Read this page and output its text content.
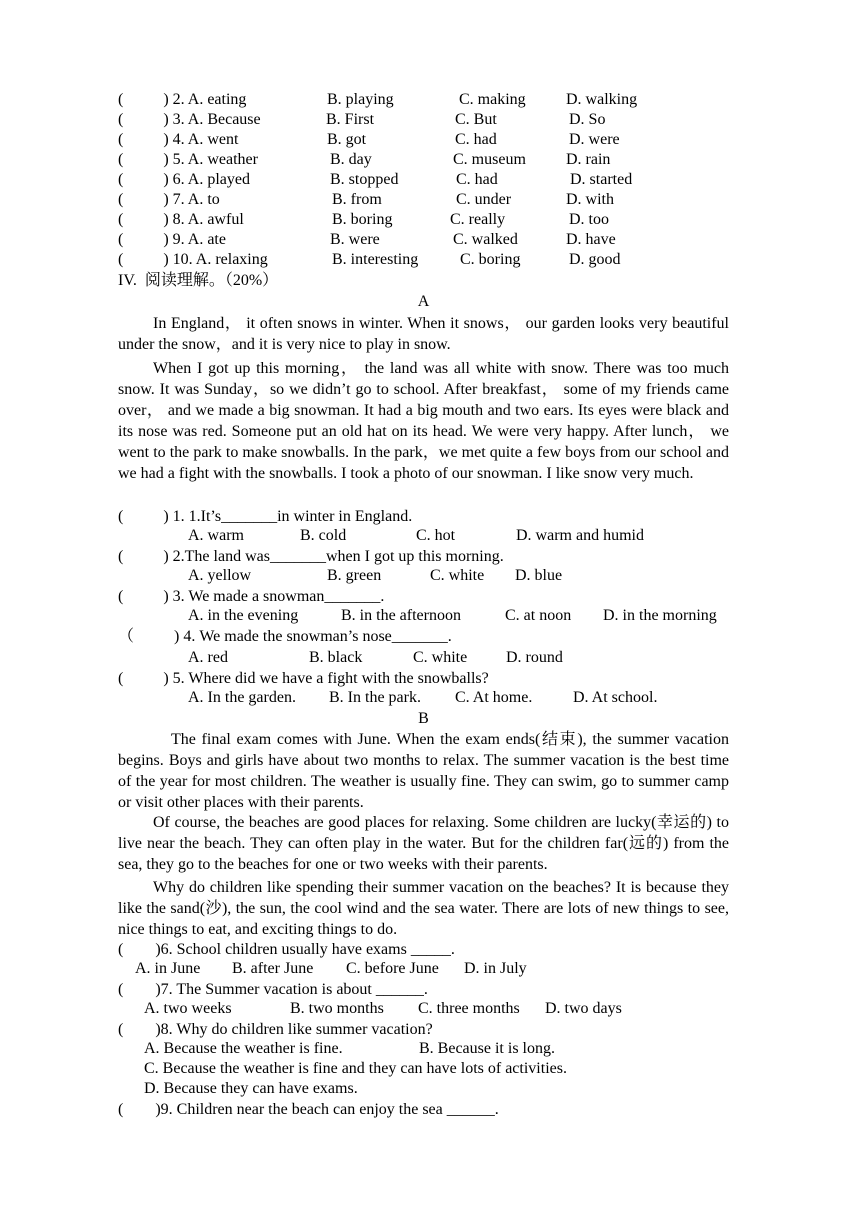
(          ) 2. A. eating	B. playing	C. making	D. walking
(          ) 3. A. Because	B. First	C. But	D. So
(          ) 4. A. went	B. got	C. had	D. were
(          ) 5. A. weather	B. day	C. museum	D. rain
(          ) 6. A. played	B. stopped	C. had	D. started
(          ) 7. A. to	B. from	C. under	D. with
(          ) 8. A. awful	B. boring	C. really	D. too
(          ) 9. A. ate	B. were	C. walked	D. have
(          ) 10. A. relaxing	B. interesting	C. boring	D. good
IV.  阅读理解。（20%）
A
In England， it often snows in winter. When it snows， our garden looks very beautiful under the snow，and it is very nice to play in snow.
When I got up this morning， the land was all white with snow. There was too much snow. It was Sunday，so we didn’t go to school. After breakfast， some of my friends came over， and we made a big snowman. It had a big mouth and two ears. Its eyes were black and its nose was red. Someone put an old hat on its head. We were very happy. After lunch， we went to the park to make snowballs. In the park，we met quite a few boys from our school and we had a fight with the snowballs. I took a photo of our snowman. I like snow very much.
(          ) 1. 1.It’s_______in winter in England.
A. warm	B. cold	C. hot	D. warm and humid
(          ) 2.The land was_______when I got up this morning.
A. yellow	B. green	C. white D. blue
(          ) 3. We made a snowman_______.
A. in the evening	B. in the afternoon	C. at noon D. in the morning
（          ) 4. We made the snowman’s nose_______.
A. red	B. black	C. white D. round
(          ) 5. Where did we have a fight with the snowballs?
A. In the garden. B. In the park. C. At home.	D. At school.
B
The final exam comes with June. When the exam ends(结束), the summer vacation begins. Boys and girls have about two months to relax. The summer vacation is the best time of the year for most children. The weather is usually fine. They can swim, go to summer camp or visit other places with their parents.
Of course, the beaches are good places for relaxing. Some children are lucky(幸运的) to live near the beach. They can often play in the water. But for the children far(远的) from the sea, they go to the beaches for one or two weeks with their parents.
Why do children like spending their summer vacation on the beaches? It is because they like the sand(沙), the sun, the cool wind and the sea water. There are lots of new things to see, nice things to eat, and exciting things to do.
(        )6. School children usually have exams _____.
A. in June B. after June C. before June D. in July
(        )7. The Summer vacation is about ______.
A. two weeks	B. two months C. three months D. two days
(        )8. Why do children like summer vacation?
A. Because the weather is fine.	B. Because it is long.
C. Because the weather is fine and they can have lots of activities.
D. Because they can have exams.
(        )9. Children near the beach can enjoy the sea ______.
